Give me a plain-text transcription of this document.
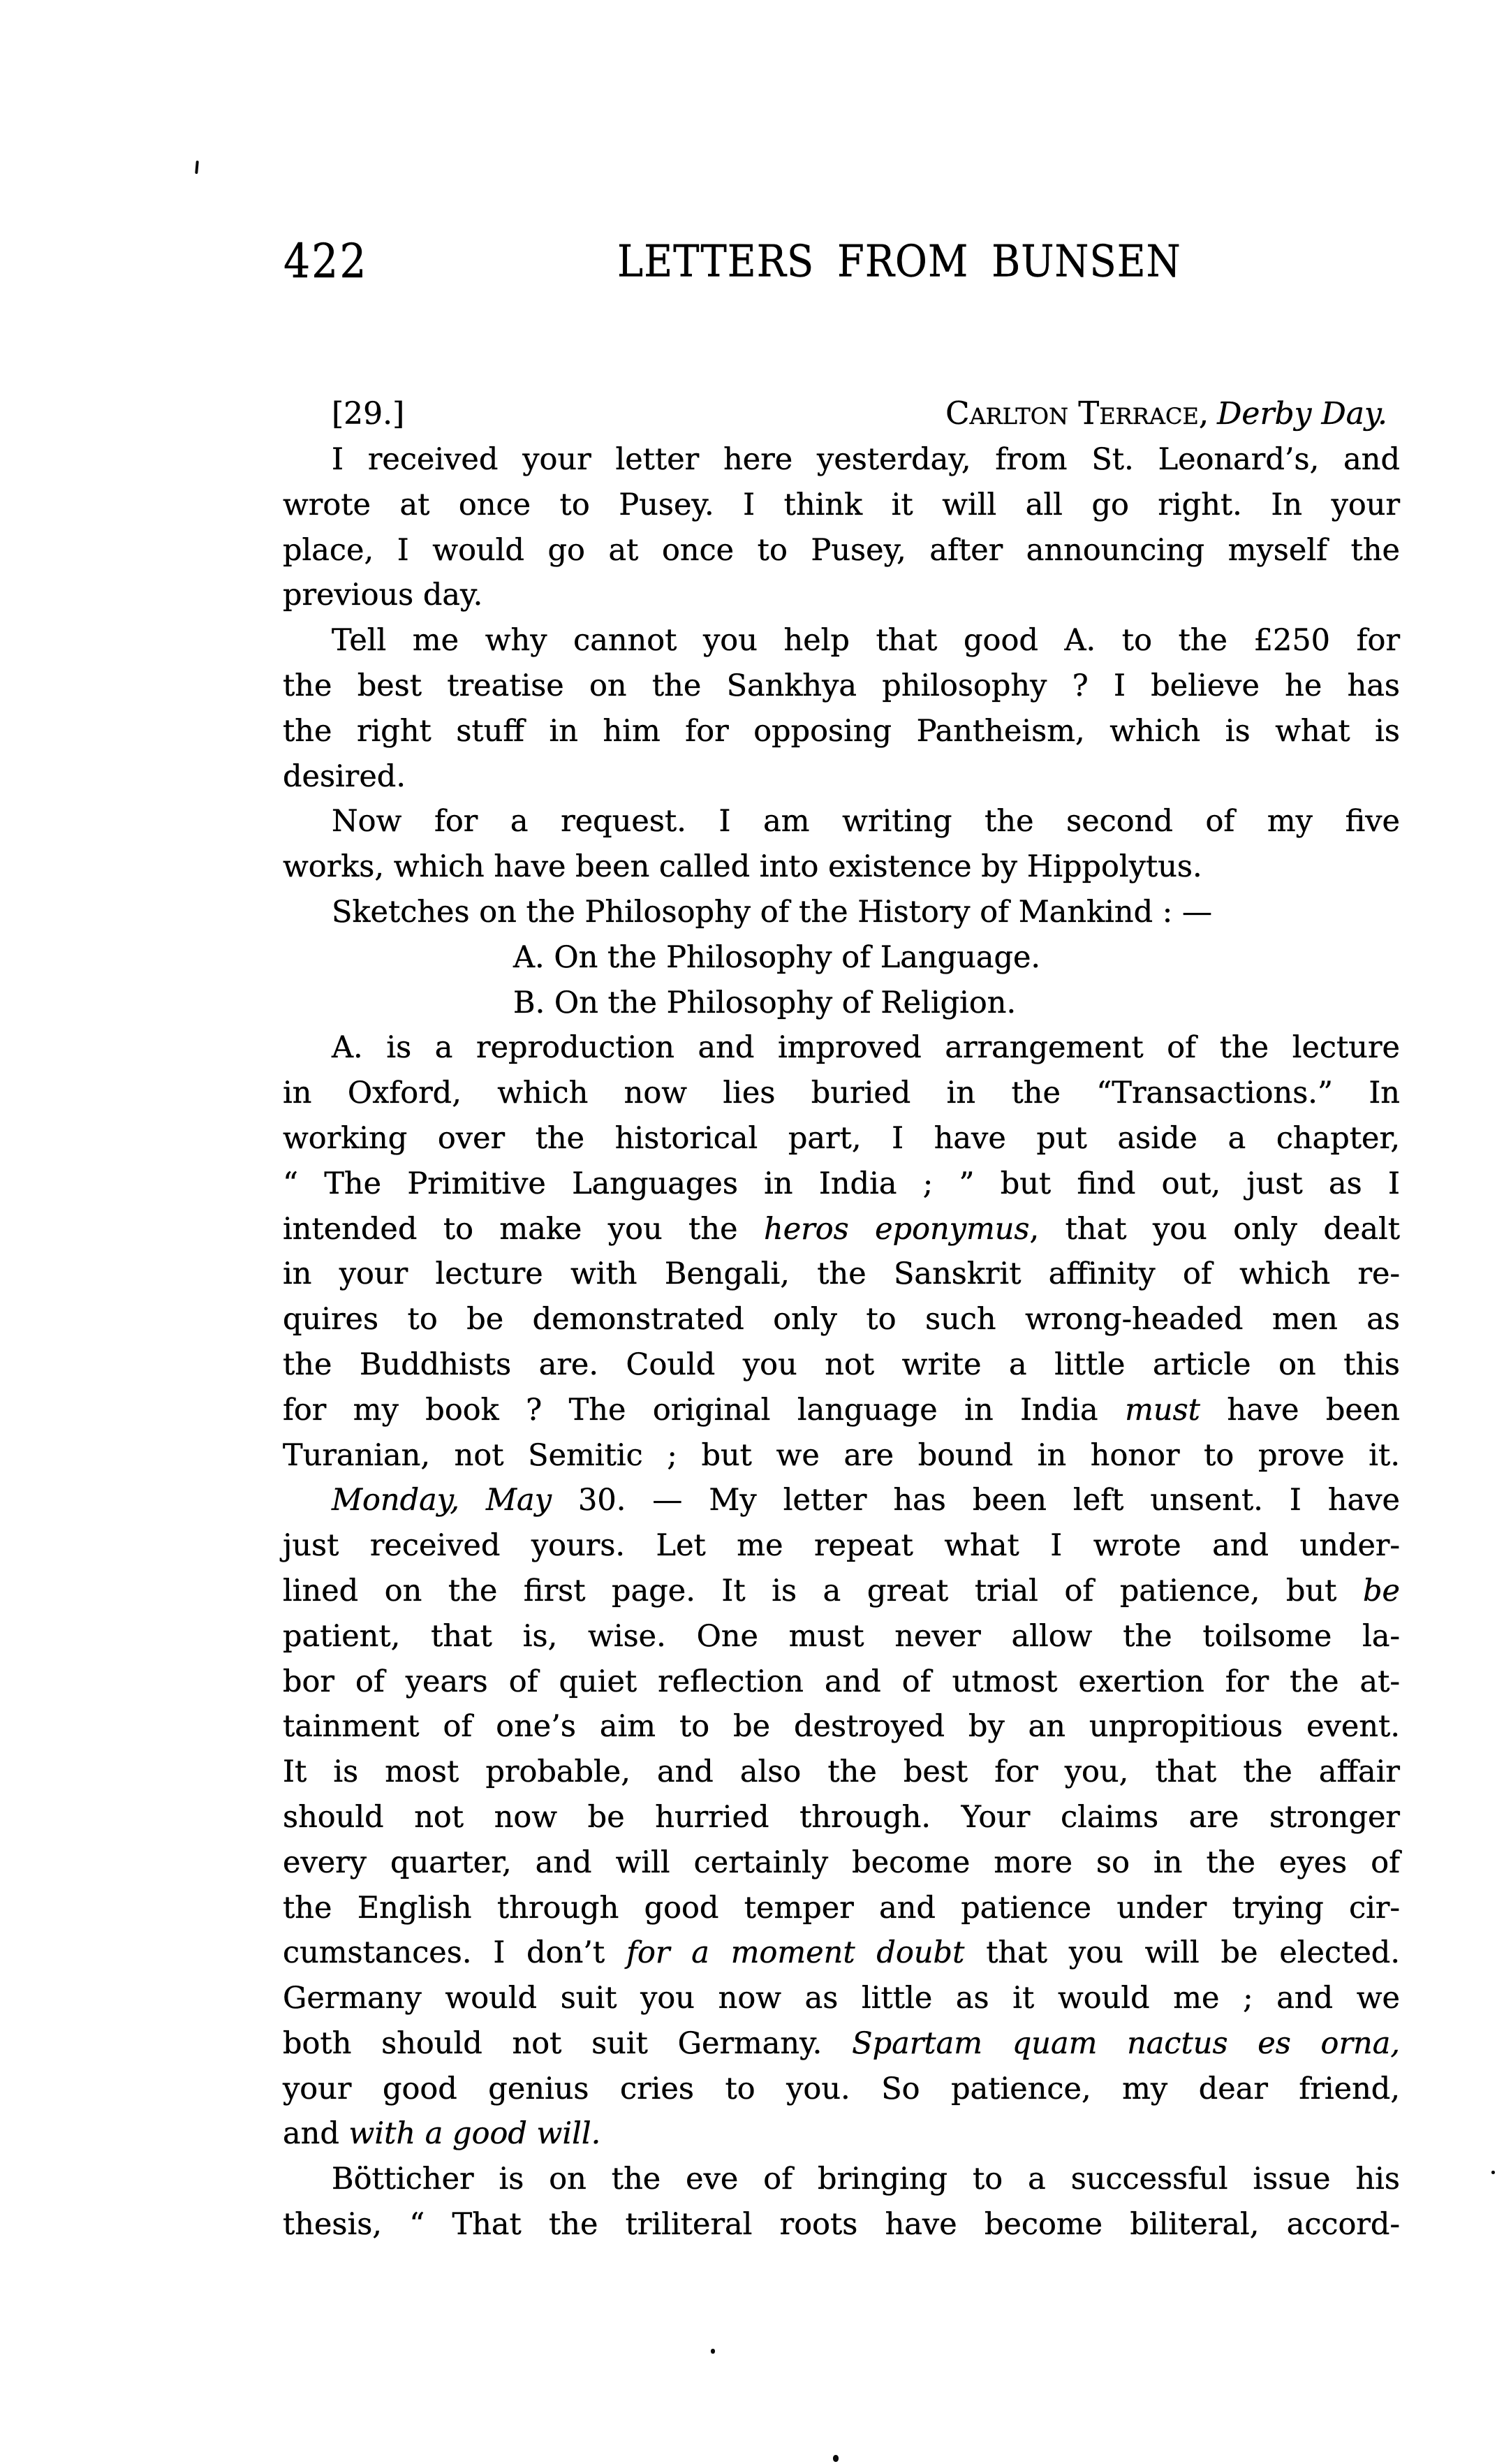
422	LETTERS FROM BUNSEN
[29.]	Carlton Terrace, Derby Day.
I received your letter here yesterday, from St. Leonard’s, and
wrote at once to Pusey. I think it will all go right. In your
place, I would go at once to Pusey, after announcing myself the
previous day.
Tell me why cannot you help that good A. to the £250 for
the best treatise on the Sankhya philosophy ? I believe he has
the right stuff in him for opposing Pantheism, which is what is
desired.
Now for a request. I am writing the second of my five
works, which have been called into existence by Hippolytus.
Sketches on the Philosophy of the History of Mankind : —
A. On the Philosophy of Language.
B. On the Philosophy of Religion.
A. is a reproduction and improved arrangement of the lecture
in Oxford, which now lies buried in the “Transactions.” In
working over the historical part, I have put aside a chapter,
“ The Primitive Languages in India ; ” but find out, just as I
intended to make you the heros eponymus, that you only dealt
in your lecture with Bengali, the Sanskrit affinity of which re-
quires to be demonstrated only to such wrong-headed men as
the Buddhists are. Could you not write a little article on this
for my book ? The original language in India must have been
Turanian, not Semitic ; but we are bound in honor to prove it.
Monday, May 30. — My letter has been left unsent. I have
just received yours. Let me repeat what I wrote and under-
lined on the first page. It is a great trial of patience, but be
patient, that is, wise. One must never allow the toilsome la-
bor of years of quiet reflection and of utmost exertion for the at-
tainment of one’s aim to be destroyed by an unpropitious event.
It is most probable, and also the best for you, that the affair
should not now be hurried through. Your claims are stronger
every quarter, and will certainly become more so in the eyes of
the English through good temper and patience under trying cir-
cumstances. I don’t for a moment doubt that you will be elected.
Germany would suit you now as little as it would me ; and we
both should not suit Germany. Spartam quam nactus es orna,
your good genius cries to you. So patience, my dear friend,
and with a good will.
Bötticher is on the eve of bringing to a successful issue his
thesis, “ That the triliteral roots have become biliteral, accord-
